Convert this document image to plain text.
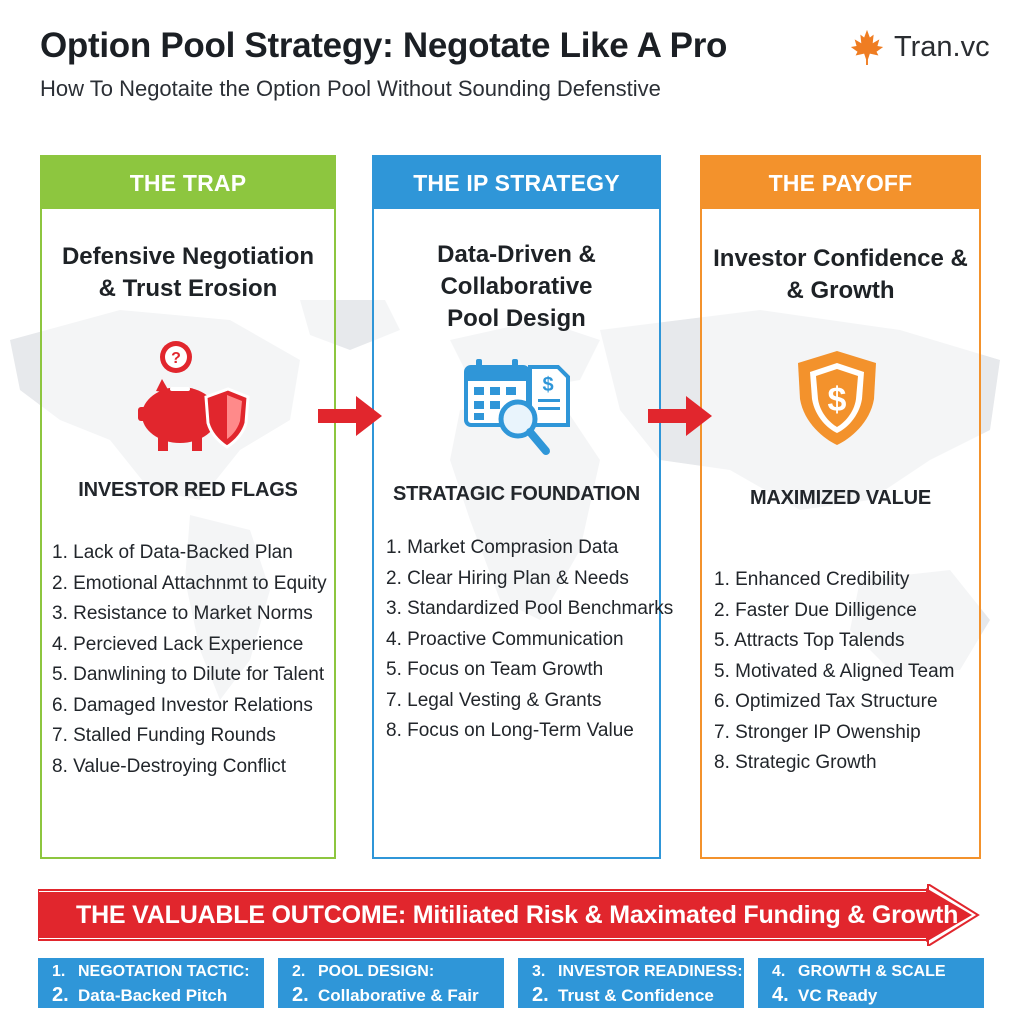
Option Pool Strategy: Negotate Like A Pro
How To Negotaite the Option Pool Without Sounding Defenstive
Tran.vc
THE TRAP
Defensive Negotiation
& Trust Erosion
?
INVESTOR RED FLAGS
1. Lack of Data-Backed Plan
2. Emotional Attachnmt to Equity
3. Resistance to Market Norms
4. Percieved Lack Experience
5. Danwlining to Dilute for Talent
6. Damaged Investor Relations
7. Stalled Funding Rounds
8. Value-Destroying Conflict
THE IP STRATEGY
Data-Driven &
Collaborative
Pool Design
$
STRATAGIC FOUNDATION
1. Market Comprasion Data
2. Clear Hiring Plan & Needs
3. Standardized Pool Benchmarks
4. Proactive Communication
5. Focus on Team Growth
7. Legal Vesting & Grants
8. Focus on Long-Term Value
THE PAYOFF
Investor Confidence &
& Growth
$
MAXIMIZED VALUE
1. Enhanced Credibility
2. Faster Due Dilligence
5. Attracts Top Talends
5. Motivated & Aligned Team
6. Optimized Tax Structure
7. Stronger IP Owenship
8. Strategic Growth
THE VALUABLE OUTCOME: Mitiliated Risk & Maximated Funding & Growth
1. NEGOTATION TACTIC:
2. Data-Backed Pitch
2. POOL DESIGN:
2. Collaborative & Fair
3. INVESTOR READINESS:
2. Trust & Confidence
4. GROWTH & SCALE
4. VC Ready
